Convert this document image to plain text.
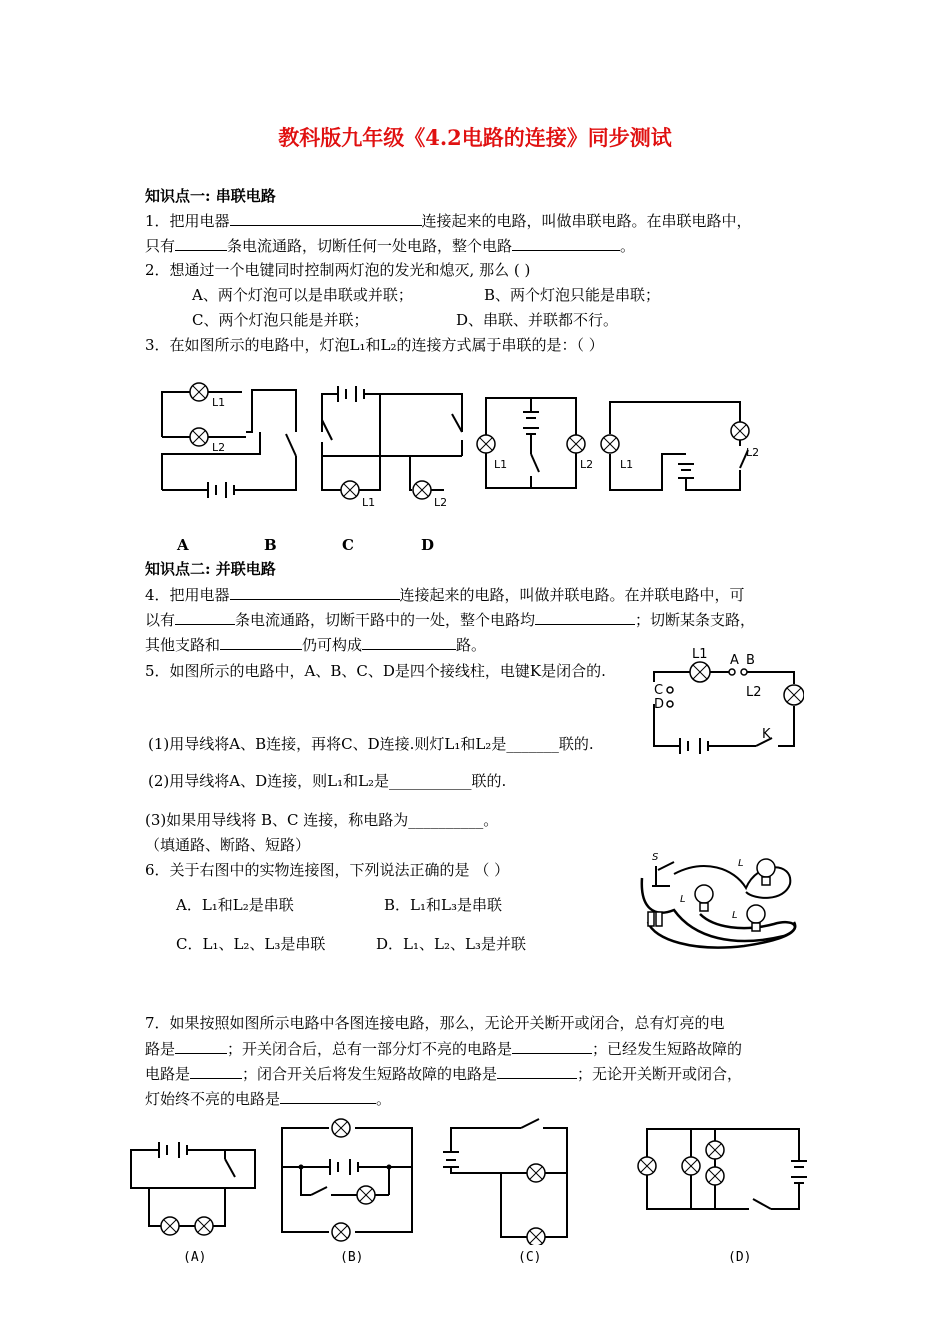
教科版九年级《4.2电路的连接》同步测试
知识点一: 串联电路
1．把用电器	连接起来的电路，叫做串联电路。在串联电路中，
只有	条电流通路，切断任何一处电路，整个电路	。
2．想通过一个电键同时控制两灯泡的发光和熄灭, 那么 ( )
A、两个灯泡可以是串联或并联；	B、两个灯泡只能是串联；
C、两个灯泡只能是并联；	D、串联、并联都不行。
3．在如图所示的电路中，灯泡L₁和L₂的连接方式属于串联的是：（ ）
L1
L2
L1	L2
L1	L2 L1
L2
A	B	C	D
知识点二: 并联电路
4．把用电器	连接起来的电路，叫做并联电路。在并联电路中，可
以有	条电流通路，切断干路中的一处，整个电路均	；切断某条支路，
其他支路和	仍可构成	路。
5．如图所示的电路中，A、B、C、D是四个接线柱，电键K是闭合的.
L1 A B
C
D
L2
K
(1)用导线将A、B连接，再将C、D连接.则灯L₁和L₂是_______联的.
(2)用导线将A、D连接，则L₁和L₂是___________联的.
(3)如果用导线将 B、C 连接，称电路为__________。
（填通路、断路、短路）
6．关于右图中的实物连接图，下列说法正确的是 （ ）
S
L
L
L
A．L₁和L₂是串联	B．L₁和L₃是串联
C．L₁、L₂、L₃是串联	D．L₁、L₂、L₃是并联
7．如果按照如图所示电路中各图连接电路，那么，无论开关断开或闭合，总有灯亮的电
路是	；开关闭合后，总有一部分灯不亮的电路是	；已经发生短路故障的
电路是	；闭合开关后将发生短路故障的电路是	；无论开关断开或闭合，
灯始终不亮的电路是	。
(A)	(B)	(C)	(D)
